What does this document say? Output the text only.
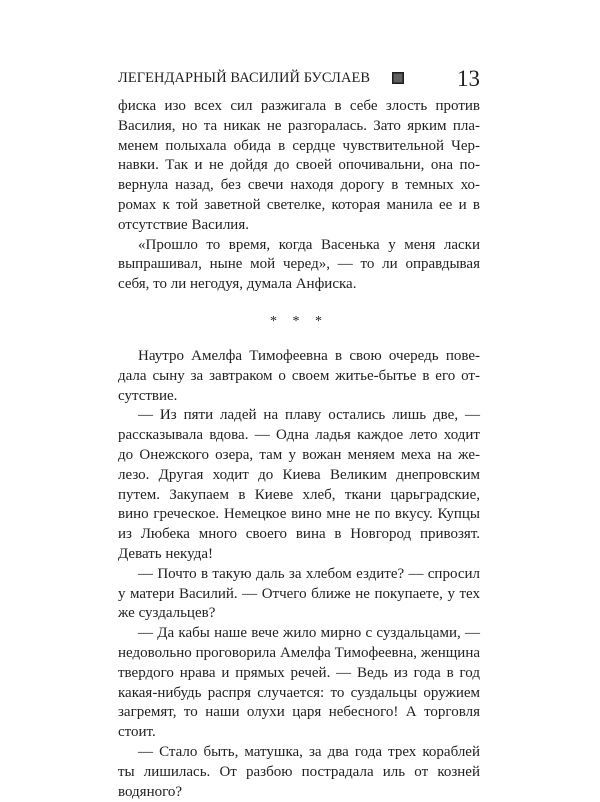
ЛЕГЕНДАРНЫЙ ВАСИЛИЙ БУСЛАЕВ	13

фиска изо всех сил разжигала в себе злость против Василия, но та никак не разгоралась. Зато ярким пламенем полыхала обида в сердце чувствительной Чернавки. Так и не дойдя до своей опочивальни, она повернула назад, без свечи находя дорогу в темных хоромах к той заветной светелке, которая манила ее и в отсутствие Василия.

«Прошло то время, когда Васенька у меня ласки выпрашивал, ныне мой черед», — то ли оправдывая себя, то ли негодуя, думала Анфиска.

* * *

Наутро Амелфа Тимофеевна в свою очередь поведала сыну за завтраком о своем житье-бытье в его отсутствие.

— Из пяти ладей на плаву остались лишь две, — рассказывала вдова. — Одна ладья каждое лето ходит до Онежского озера, там у вожан меняем меха на железо. Другая ходит до Киева Великим днепровским путем. Закупаем в Киеве хлеб, ткани царьградские, вино греческое. Немецкое вино мне не по вкусу. Купцы из Любека много своего вина в Новгород привозят. Девать некуда!

— Почто в такую даль за хлебом ездите? — спросил у матери Василий. — Отчего ближе не покупаете, у тех же суздальцев?

— Да кабы наше вече жило мирно с суздальцами, — недовольно проговорила Амелфа Тимофеевна, женщина твердого нрава и прямых речей. — Ведь из года в год какая-нибудь распря случается: то суздальцы оружием загремят, то наши олухи царя небесного! А торговля стоит.

— Стало быть, матушка, за два года трех кораблей ты лишилась. От разбою пострадала иль от козней водяного?
